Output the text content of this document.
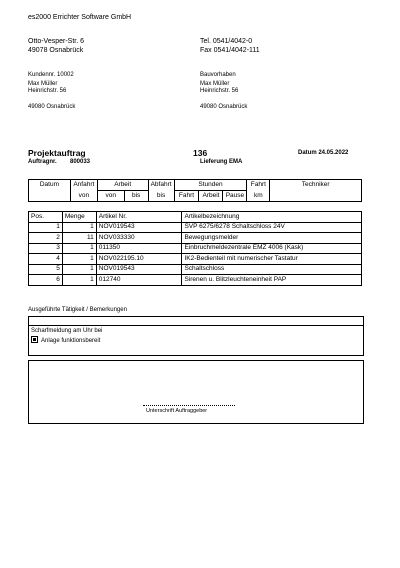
es2000 Errichter Software GmbH
Otto-Vesper-Str. 6
49078 Osnabrück
Tel. 0541/4042-0
Fax 0541/4042-111
Kundennr. 10002
Max Müller
Heinrichstr. 56
49080 Osnabrück
Bauvorhaben
Max Müller
Heinrichstr. 56
49080 Osnabrück
Projektauftrag	136	Datum 24.05.2022
Auftragnr. 800033	Lieferung EMA
Datum	Anfahrt	Arbeit		Abfahrt	Stunden			Fahrt	Techniker
	von	von	bis	bis	Fahrt	Arbeit	Pause	km	
Pos.	Menge	Artikel Nr.	Artikelbezeichnung
1	1	NOV019543	SVP 6275/6278 Schaltschloss 24V
2	11	NOV033330	Bewegungsmelder
3	1	011350	Einbruchmeldezentrale EMZ 4006 (Kask)
4	1	NOV022195.10	IK2-Bedienteil mit numerischer Tastatur
5	1	NOV019543	Schaltschloss
6	1	012740	Sirenen u. Blitzleuchteneinheit PAP
Ausgeführte Tätigkeit / Bemerkungen
Scharfmeldung am Uhr bei
Anlage funktionsbereit
Unterschrift Auftraggeber
